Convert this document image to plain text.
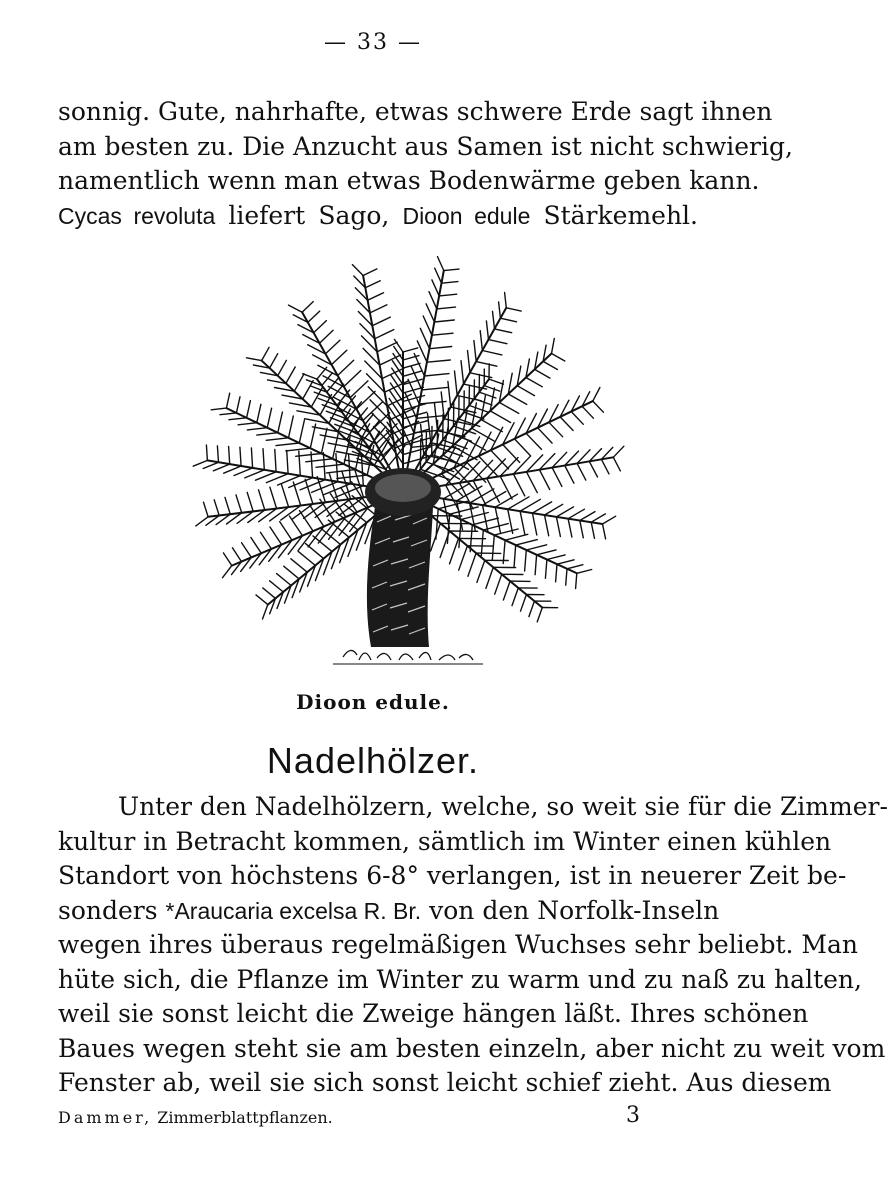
— 33 —
sonnig. Gute, nahrhafte, etwas schwere Erde sagt ihnen
am besten zu. Die Anzucht aus Samen ist nicht schwierig,
namentlich wenn man etwas Bodenwärme geben kann.
Cycas revoluta liefert Sago, Dioon edule Stärkemehl.
Dioon edule.
Nadelhölzer.
Unter den Nadelhölzern, welche, so weit sie für die Zimmer-
kultur in Betracht kommen, sämtlich im Winter einen kühlen
Standort von höchstens 6-8° verlangen, ist in neuerer Zeit be-
sonders *Araucaria excelsa R. Br. von den Norfolk-Inseln
wegen ihres überaus regelmäßigen Wuchses sehr beliebt. Man
hüte sich, die Pflanze im Winter zu warm und zu naß zu halten,
weil sie sonst leicht die Zweige hängen läßt. Ihres schönen
Baues wegen steht sie am besten einzeln, aber nicht zu weit vom
Fenster ab, weil sie sich sonst leicht schief zieht. Aus diesem
Dammer, Zimmerblattpflanzen.	3
